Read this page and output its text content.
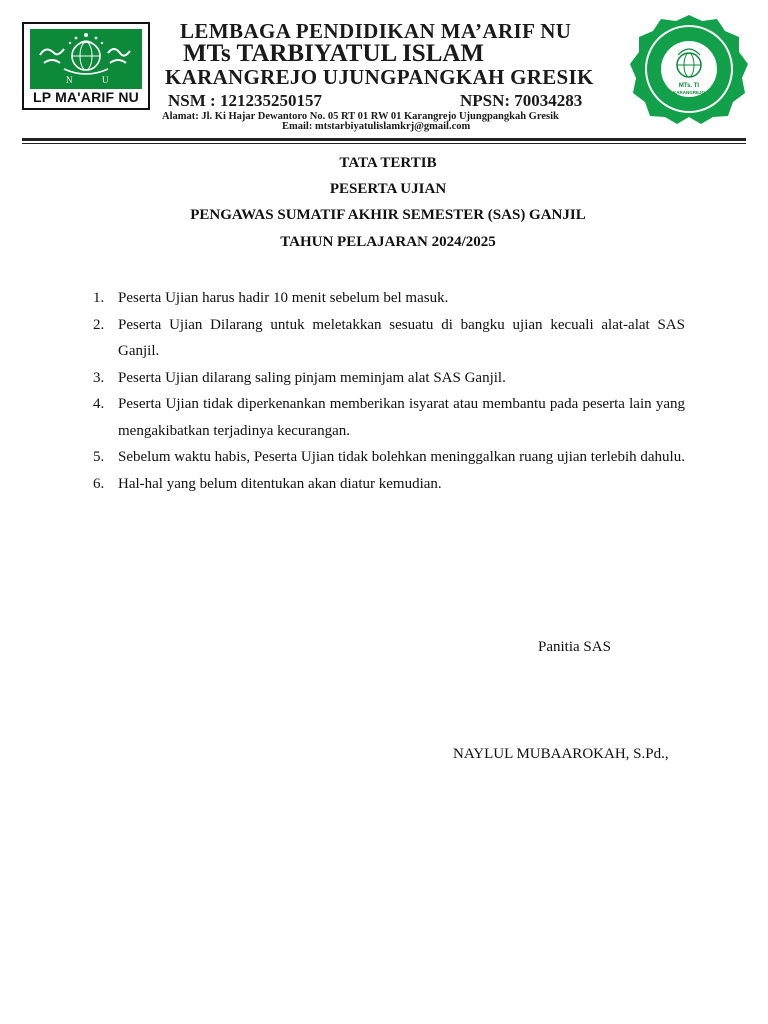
N	U
LP MA'ARIF NU
LEMBAGA PENDIDIKAN MA’ARIF NU
MTs TARBIYATUL ISLAM
KARANGREJO UJUNGPANGKAH GRESIK
NSM : 121235250157	NPSN: 70034283
Alamat: Jl. Ki Hajar Dewantoro No. 05 RT 01 RW 01 Karangrejo Ujungpangkah Gresik
Email: mtstarbiyatulislamkrj@gmail.com
MTs. TI
KARANGREJO
TATA TERTIB
PESERTA UJIAN
PENGAWAS SUMATIF AKHIR SEMESTER (SAS) GANJIL
TAHUN PELAJARAN 2024/2025
1. Peserta Ujian harus hadir 10 menit sebelum bel masuk.
2. Peserta Ujian Dilarang untuk meletakkan sesuatu di bangku ujian kecuali alat-alat SAS Ganjil.
3. Peserta Ujian dilarang saling pinjam meminjam alat SAS Ganjil.
4. Peserta Ujian tidak diperkenankan memberikan isyarat atau membantu pada peserta lain yang mengakibatkan terjadinya kecurangan.
5. Sebelum waktu habis, Peserta Ujian tidak bolehkan meninggalkan ruang ujian terlebih dahulu.
6. Hal-hal yang belum ditentukan akan diatur kemudian.
Panitia SAS
NAYLUL MUBAAROKAH, S.Pd.,
